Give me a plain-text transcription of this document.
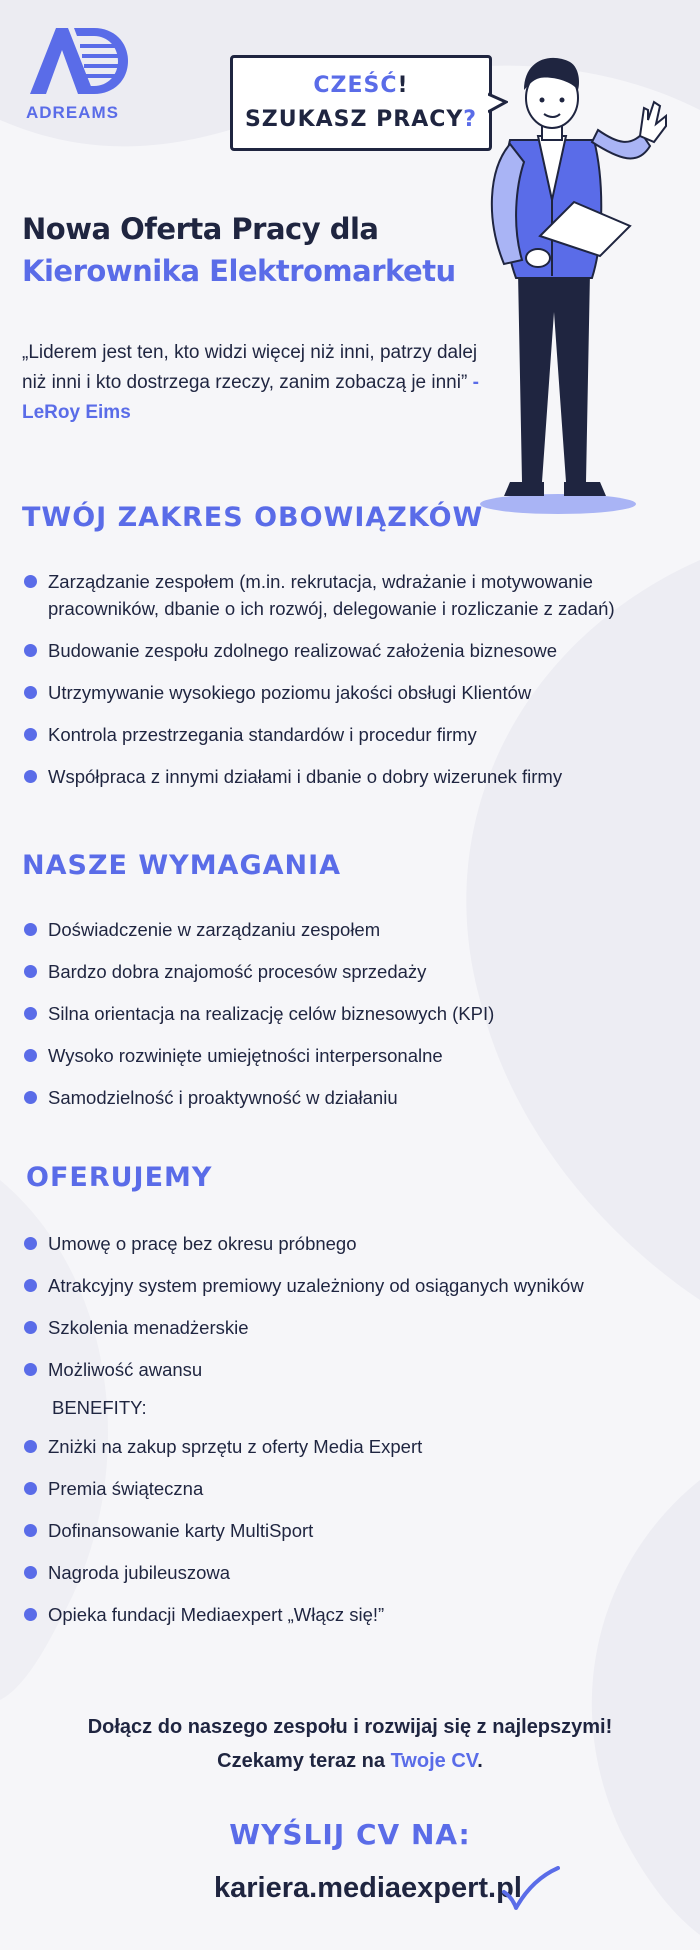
ADREAMS
CZEŚĆ!
SZUKASZ PRACY?
Nowa Oferta Pracy dla
Kierownika Elektromarketu
„Liderem jest ten, kto widzi więcej niż inni, patrzy dalej niż inni i kto dostrzega rzeczy, zanim zobaczą je inni” - LeRoy Eims
TWÓJ ZAKRES OBOWIĄZKÓW
Zarządzanie zespołem (m.in. rekrutacja, wdrażanie i motywowanie pracowników, dbanie o ich rozwój, delegowanie i rozliczanie z zadań)
Budowanie zespołu zdolnego realizować założenia biznesowe
Utrzymywanie wysokiego poziomu jakości obsługi Klientów
Kontrola przestrzegania standardów i procedur firmy
Współpraca z innymi działami i dbanie o dobry wizerunek firmy
NASZE WYMAGANIA
Doświadczenie w zarządzaniu zespołem
Bardzo dobra znajomość procesów sprzedaży
Silna orientacja na realizację celów biznesowych (KPI)
Wysoko rozwinięte umiejętności interpersonalne
Samodzielność i proaktywność w działaniu
OFERUJEMY
Umowę o pracę bez okresu próbnego
Atrakcyjny system premiowy uzależniony od osiąganych wyników
Szkolenia menadżerskie
Możliwość awansu
BENEFITY:
Zniżki na zakup sprzętu z oferty Media Expert
Premia świąteczna
Dofinansowanie karty MultiSport
Nagroda jubileuszowa
Opieka fundacji Mediaexpert „Włącz się!”
Dołącz do naszego zespołu i rozwijaj się z najlepszymi!
Czekamy teraz na Twoje CV.
WYŚLIJ CV NA:
kariera.mediaexpert.pl
